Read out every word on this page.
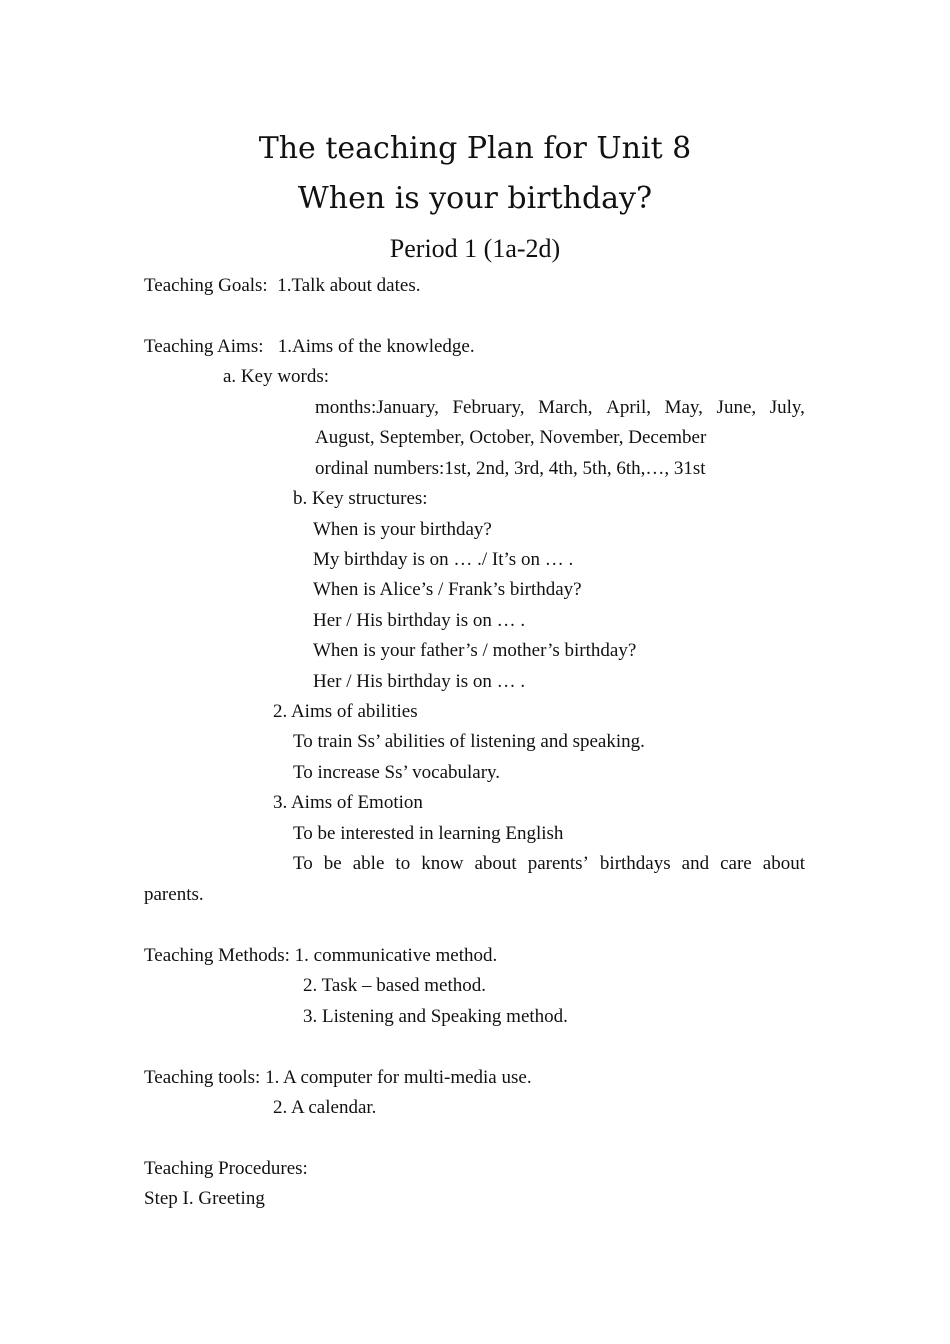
The teaching Plan for Unit 8
When is your birthday?
Period 1 (1a-2d)
Teaching Goals: 1.Talk about dates.
Teaching Aims: 1.Aims of the knowledge.
a. Key words:
months:January, February, March, April, May, June, July,
August, September, October, November, December
ordinal numbers:1st, 2nd, 3rd, 4th, 5th, 6th,…, 31st
b. Key structures:
When is your birthday?
My birthday is on … ./ It’s on … .
When is Alice’s / Frank’s birthday?
Her / His birthday is on … .
When is your father’s / mother’s birthday?
Her / His birthday is on … .
2. Aims of abilities
To train Ss’ abilities of listening and speaking.
To increase Ss’ vocabulary.
3. Aims of Emotion
To be interested in learning English
To be able to know about parents’ birthdays and care about
parents.
Teaching Methods: 1. communicative method.
2. Task – based method.
3. Listening and Speaking method.
Teaching tools: 1. A computer for multi-media use.
2. A calendar.
Teaching Procedures:
Step I. Greeting
